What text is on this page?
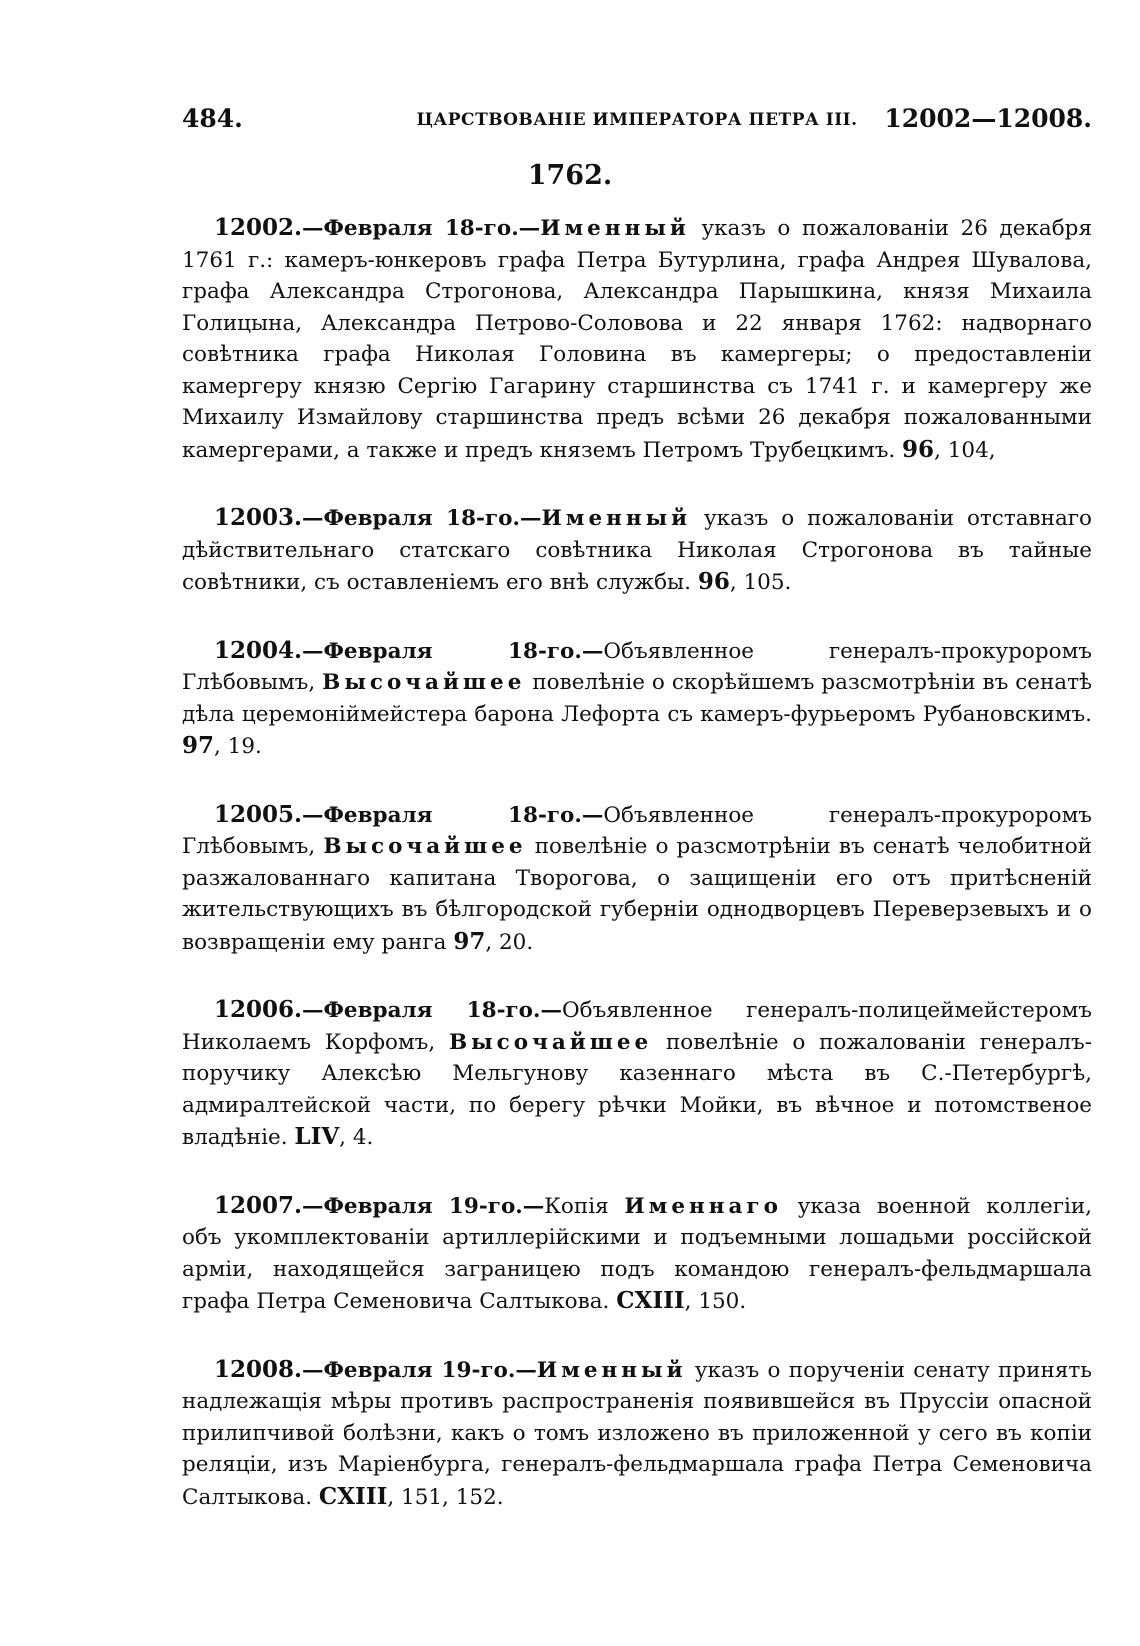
484.	ЦАРСТВОВАНІЕ ИМПЕРАТОРА ПЕТРА III.	12002—12008.
1762.

12002.—Февраля 18-го.—Именный указъ о пожалованіи 26 декабря 1761 г.: камеръ-юнкеровъ графа Петра Бутурлина, графа Андрея Шувалова, графа Александра Строгонова, Александра Парышкина, князя Михаила Голицына, Александра Петрово-Соловова и 22 января 1762: надворнаго совѣтника графа Николая Головина въ камергеры; о предоставленіи камергеру князю Сергію Гагарину старшинства съ 1741 г. и камергеру же Михаилу Измайлову старшинства предъ всѣми 26 декабря пожалованными камергерами, а также и предъ княземъ Петромъ Трубецкимъ. 96, 104,

12003.—Февраля 18-го.—Именный указъ о пожалованіи отставнаго дѣйствительнаго статскаго совѣтника Николая Строгонова въ тайные совѣтники, съ оставленіемъ его внѣ службы. 96, 105.

12004.—Февраля 18-го.—Объявленное генералъ-прокуроромъ Глѣбовымъ, Высочайшее повелѣніе о скорѣйшемъ разсмотрѣніи въ сенатѣ дѣла церемоніймейстера барона Лефорта съ камеръ-фурьеромъ Рубановскимъ. 97, 19.

12005.—Февраля 18-го.—Объявленное генералъ-прокуроромъ Глѣбовымъ, Высочайшее повелѣніе о разсмотрѣніи въ сенатѣ челобитной разжалованнаго капитана Творогова, о защищеніи его отъ притѣсненій жительствующихъ въ бѣлгородской губерніи однодворцевъ Переверзевыхъ и о возвращеніи ему ранга 97, 20.

12006.—Февраля 18-го.—Объявленное генералъ-полицеймейстеромъ Николаемъ Корфомъ, Высочайшее повелѣніе о пожалованіи генералъ-поручику Алексѣю Мельгунову казеннаго мѣста въ С.-Петербургѣ, адмиралтейской части, по берегу рѣчки Мойки, въ вѣчное и потомственое владѣніе. LIV, 4.

12007.—Февраля 19-го.—Копія Именнаго указа военной коллегіи, объ укомплектованіи артиллерійскими и подъемными лошадьми россійской арміи, находящейся заграницею подъ командою генералъ-фельдмаршала графа Петра Семеновича Салтыкова. CXIII, 150.

12008.—Февраля 19-го.—Именный указъ о порученіи сенату принять надлежащія мѣры противъ распространенія появившейся въ Пруссіи опасной прилипчивой болѣзни, какъ о томъ изложено въ приложенной у сего въ копіи реляціи, изъ Маріенбурга, генералъ-фельдмаршала графа Петра Семеновича Салтыкова. CXIII, 151, 152.
